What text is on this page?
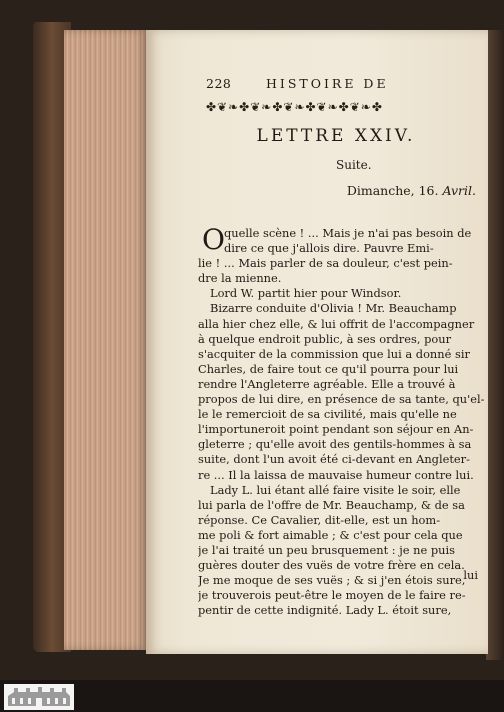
228	HISTOIRE DE
✤❦❧✤❦❧✤❦❧✤❦❧✤❦❧✤
LETTRE XXIV.
Suite.
Dimanche, 16. Avril.
O quelle scène ! ... Mais je n'ai pas besoin de
dire ce que j'allois dire. Pauvre Emi-
lie ! ... Mais parler de sa douleur, c'est pein-
dre la mienne.
Lord W. partit hier pour Windsor.
Bizarre conduite d'Olivia ! Mr. Beauchamp
alla hier chez elle, & lui offrit de l'accompagner
à quelque endroit public, à ses ordres, pour
s'acquiter de la commission que lui a donné sir
Charles, de faire tout ce qu'il pourra pour lui
rendre l'Angleterre agréable. Elle a trouvé à
propos de lui dire, en présence de sa tante, qu'el-
le le remercioit de sa civilité, mais qu'elle ne
l'importuneroit point pendant son séjour en An-
gleterre ; qu'elle avoit des gentils-hommes à sa
suite, dont l'un avoit été ci-devant en Angleter-
re ... Il la laissa de mauvaise humeur contre lui.
Lady L. lui étant allé faire visite le soir, elle
lui parla de l'offre de Mr. Beauchamp, & de sa
réponse. Ce Cavalier, dit-elle, est un hom-
me poli & fort aimable ; & c'est pour cela que
je l'ai traité un peu brusquement : je ne puis
guères douter des vuës de votre frère en cela.
Je me moque de ses vuës ; & si j'en étois sure,
je trouverois peut-être le moyen de le faire re-
pentir de cette indignité. Lady L. étoit sure,
lui
